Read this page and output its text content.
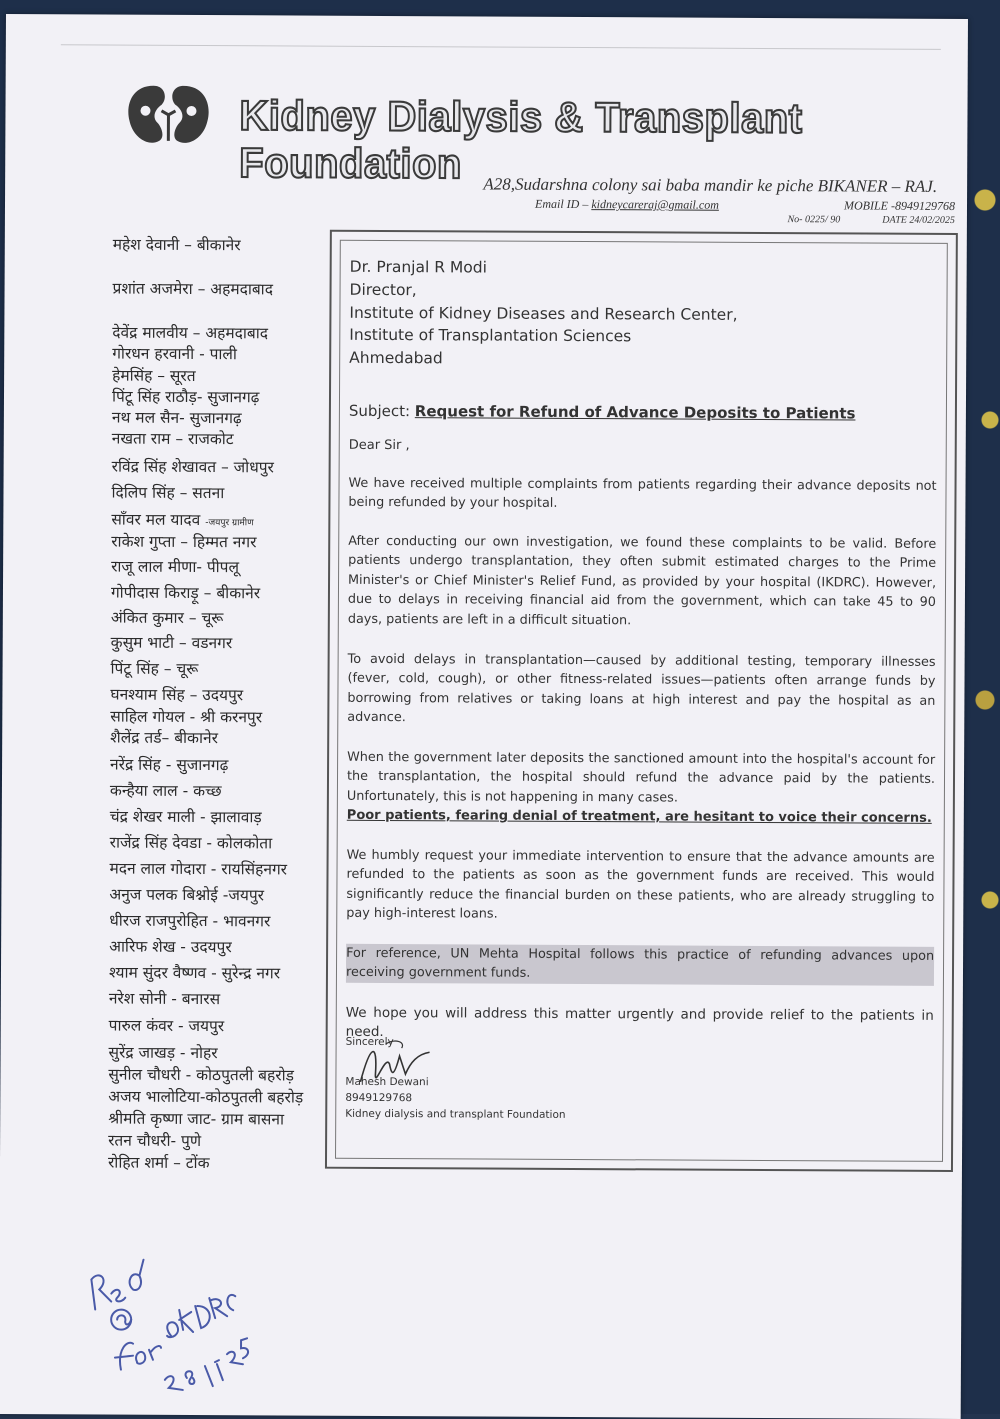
Kidney Dialysis & Transplant Foundation	A28,Sudarshna colony sai baba mandir ke piche BIKANER – RAJ.
Email ID – kidneycareraj@gmail.com	MOBILE -8949129768
No- 0225/ 90	DATE 24/02/2025
महेश देवानी – बीकानेर
प्रशांत अजमेरा – अहमदाबाद
देवेंद्र मालवीय – अहमदाबाद
गोरधन हरवानी - पाली
हेमसिंह – सूरत
पिंटू सिंह राठौड़- सुजानगढ़
नथ मल सैन- सुजानगढ़
नखता राम – राजकोट
रविंद्र सिंह शेखावत – जोधपुर
दिलिप सिंह – सतना
साँवर मल यादव -जयपुर ग्रामीण
राकेश गुप्ता – हिम्मत नगर
राजू लाल मीणा- पीपलू
गोपीदास किराड़ू – बीकानेर
अंकित कुमार – चूरू
कुसुम भाटी – वडनगर
पिंटू सिंह – चूरू
घनश्याम सिंह – उदयपुर
साहिल गोयल - श्री करनपुर
शैलेंद्र तर्ड– बीकानेर
नरेंद्र सिंह - सुजानगढ़
कन्हैया लाल - कच्छ
चंद्र शेखर माली - झालावाड़
राजेंद्र सिंह देवडा - कोलकोता
मदन लाल गोदारा - रायसिंहनगर
अनुज पलक बिश्नोई -जयपुर
धीरज राजपुरोहित - भावनगर
आरिफ शेख - उदयपुर
श्याम सुंदर वैष्णव - सुरेन्द्र नगर
नरेश सोनी - बनारस
पारुल कंवर - जयपुर
सुरेंद्र जाखड़ - नोहर
सुनील चौधरी - कोठपुतली बहरोड़
अजय भालोटिया-कोठपुतली बहरोड़
श्रीमति कृष्णा जाट- ग्राम बासना
रतन चौधरी- पुणे
रोहित शर्मा – टोंक
Dr. Pranjal R Modi
Director,
Institute of Kidney Diseases and Research Center,
Institute of Transplantation Sciences
Ahmedabad
Subject: Request for Refund of Advance Deposits to Patients
Dear Sir ,
We have received multiple complaints from patients regarding their advance deposits not being refunded by your hospital.
After conducting our own investigation, we found these complaints to be valid. Before patients undergo transplantation, they often submit estimated charges to the Prime Minister's or Chief Minister's Relief Fund, as provided by your hospital (IKDRC). However, due to delays in receiving financial aid from the government, which can take 45 to 90 days, patients are left in a difficult situation.
To avoid delays in transplantation—caused by additional testing, temporary illnesses (fever, cold, cough), or other fitness-related issues—patients often arrange funds by borrowing from relatives or taking loans at high interest and pay the hospital as an advance.
When the government later deposits the sanctioned amount into the hospital's account for the transplantation, the hospital should refund the advance paid by the patients. Unfortunately, this is not happening in many cases.
Poor patients, fearing denial of treatment, are hesitant to voice their concerns.
We humbly request your immediate intervention to ensure that the advance amounts are refunded to the patients as soon as the government funds are received. This would significantly reduce the financial burden on these patients, who are already struggling to pay high-interest loans.
For reference, UN Mehta Hospital follows this practice of refunding advances upon receiving government funds.
We hope you will address this matter urgently and provide relief to the patients in need.
Sincerely
Mahesh Dewani
8949129768
Kidney dialysis and transplant Foundation
